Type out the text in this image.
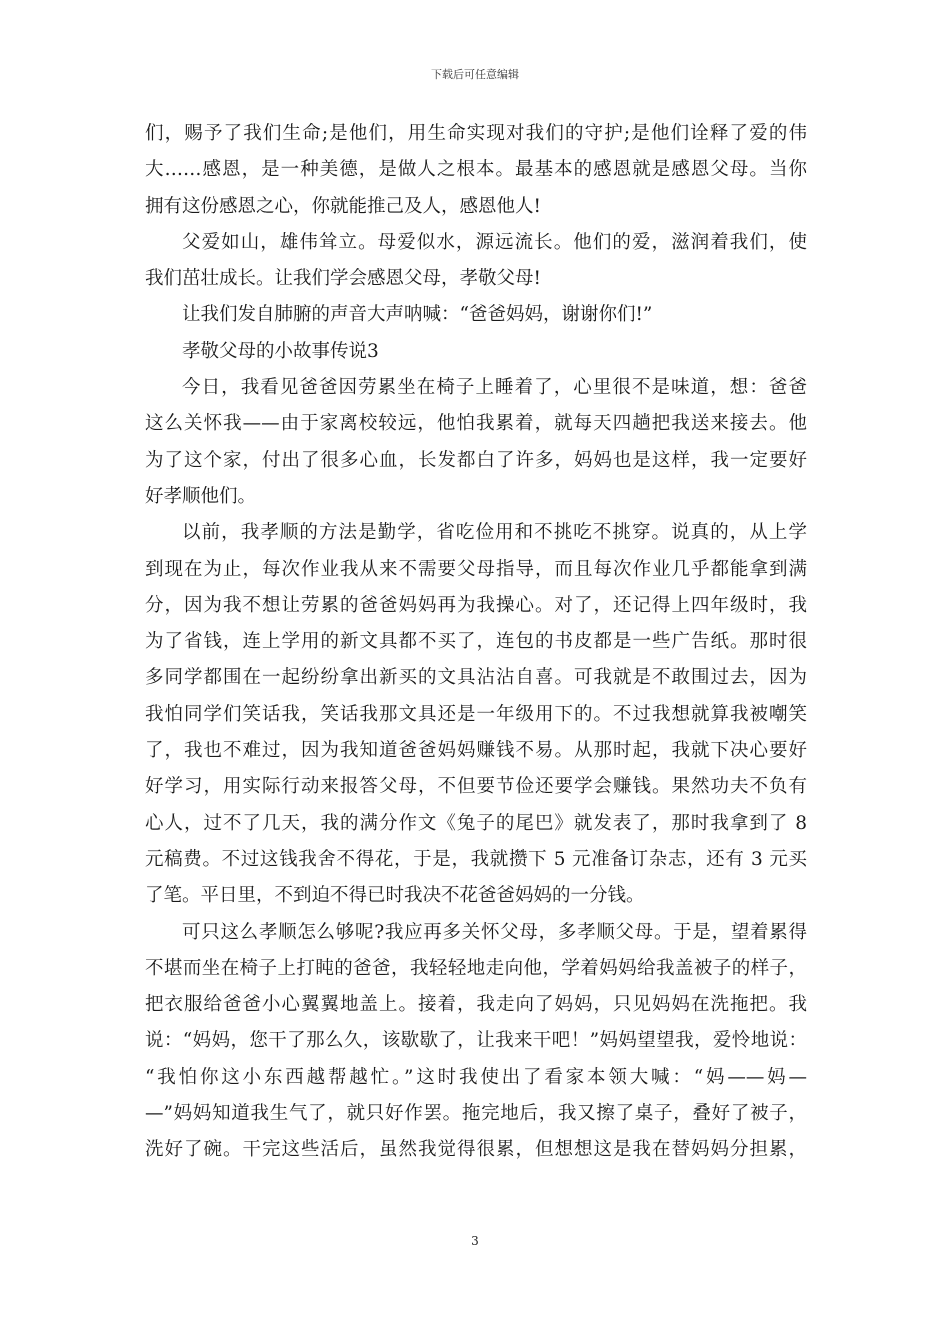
下载后可任意编辑
们，赐予了我们生命;是他们，用生命实现对我们的守护;是他们诠释了爱的伟
大……感恩，是一种美德，是做人之根本。最基本的感恩就是感恩父母。当你
拥有这份感恩之心，你就能推己及人，感恩他人!
父爱如山，雄伟耸立。母爱似水，源远流长。他们的爱，滋润着我们，使
我们茁壮成长。让我们学会感恩父母，孝敬父母!
让我们发自肺腑的声音大声呐喊：“爸爸妈妈，谢谢你们!”
孝敬父母的小故事传说3
今日，我看见爸爸因劳累坐在椅子上睡着了，心里很不是味道，想：爸爸
这么关怀我——由于家离校较远，他怕我累着，就每天四趟把我送来接去。他
为了这个家，付出了很多心血，长发都白了许多，妈妈也是这样，我一定要好
好孝顺他们。
以前，我孝顺的方法是勤学，省吃俭用和不挑吃不挑穿。说真的，从上学
到现在为止，每次作业我从来不需要父母指导，而且每次作业几乎都能拿到满
分，因为我不想让劳累的爸爸妈妈再为我操心。对了，还记得上四年级时，我
为了省钱，连上学用的新文具都不买了，连包的书皮都是一些广告纸。那时很
多同学都围在一起纷纷拿出新买的文具沾沾自喜。可我就是不敢围过去，因为
我怕同学们笑话我，笑话我那文具还是一年级用下的。不过我想就算我被嘲笑
了，我也不难过，因为我知道爸爸妈妈赚钱不易。从那时起，我就下决心要好
好学习，用实际行动来报答父母，不但要节俭还要学会赚钱。果然功夫不负有
心人，过不了几天，我的满分作文《兔子的尾巴》就发表了，那时我拿到了 8
元稿费。不过这钱我舍不得花，于是，我就攒下 5 元准备订杂志，还有 3 元买
了笔。平日里，不到迫不得已时我决不花爸爸妈妈的一分钱。
可只这么孝顺怎么够呢?我应再多关怀父母，多孝顺父母。于是，望着累得
不堪而坐在椅子上打盹的爸爸，我轻轻地走向他，学着妈妈给我盖被子的样子，
把衣服给爸爸小心翼翼地盖上。接着，我走向了妈妈，只见妈妈在洗拖把。我
说：“妈妈，您干了那么久，该歇歇了，让我来干吧！”妈妈望望我，爱怜地说：
“我怕你这小东西越帮越忙。”这时我使出了看家本领大喊：“妈——妈—
—”妈妈知道我生气了，就只好作罢。拖完地后，我又擦了桌子，叠好了被子，
洗好了碗。干完这些活后，虽然我觉得很累，但想想这是我在替妈妈分担累，
3
